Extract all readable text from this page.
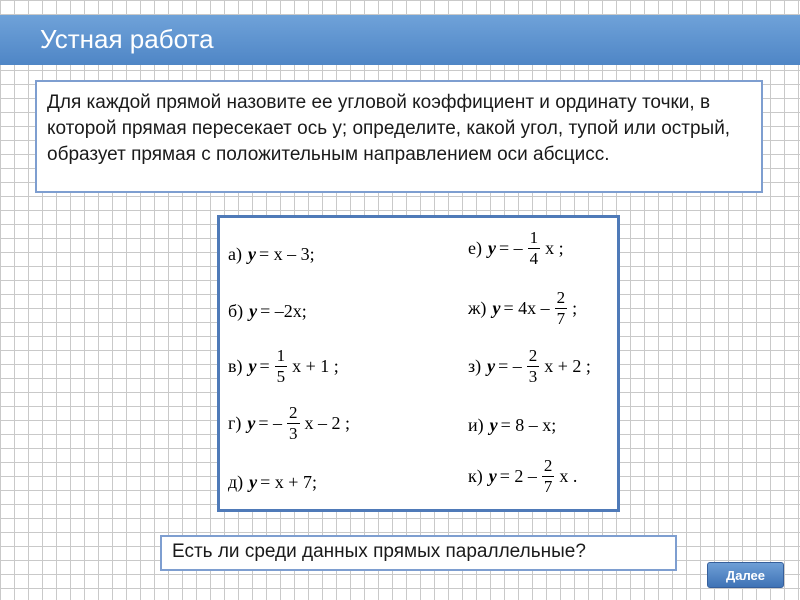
Устная работа

Для каждой прямой назовите ее угловой коэффициент и ординату точки, в которой прямая пересекает ось y; определите, какой угол, тупой или острый, образует прямая с положительным направлением оси абсцисс.

а) y = x – 3;
б) y = –2x;
в) $y = \frac{1}{5}$ x + 1 ;
г) y = – $\frac{2}{3}$ x – 2 ;
д) y = x + 7;
е) y = – $\frac{1}{4}$ x ;
ж) $y = 4x - \frac{2}{7}$ ;
з) y = – $\frac{2}{3}$ x + 2 ;
и) y = 8 – x;
к) $y = 2 - \frac{2}{7}$ x .
Есть ли среди данных прямых параллельные?
Далее
